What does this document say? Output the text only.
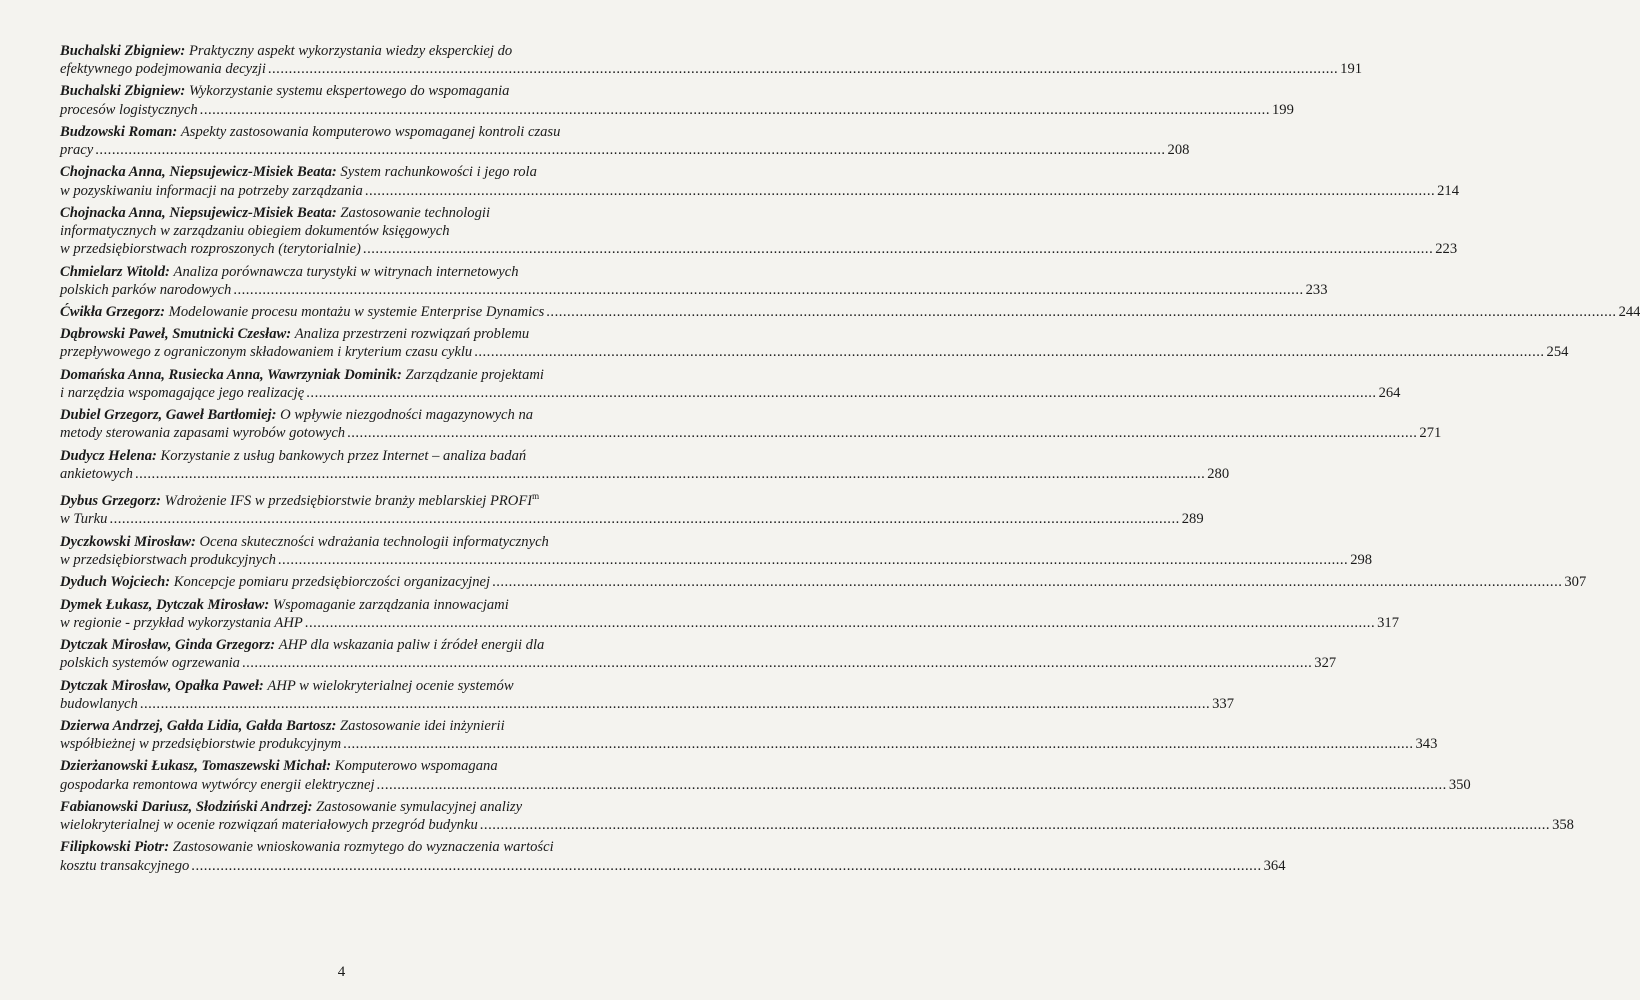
Buchalski Zbigniew: Praktyczny aspekt wykorzystania wiedzy eksperckiej do
efektywnego podejmowania decyzji .....	191
Buchalski Zbigniew: Wykorzystanie systemu ekspertowego do wspomagania
procesów logistycznych .....	199
Budzowski Roman: Aspekty zastosowania komputerowo wspomaganej kontroli czasu
pracy .....	208
Chojnacka Anna, Niepsujewicz-Misiek Beata: System rachunkowości i jego rola
w pozyskiwaniu informacji na potrzeby zarządzania .....	214
Chojnacka Anna, Niepsujewicz-Misiek Beata: Zastosowanie technologii
informatycznych w zarządzaniu obiegiem dokumentów księgowych
w przedsiębiorstwach rozproszonych (terytorialnie) .....	223
Chmielarz Witold: Analiza porównawcza turystyki w witrynach internetowych
polskich parków narodowych .....	233
Ćwikła Grzegorz: Modelowanie procesu montażu w systemie Enterprise Dynamics .....	244
Dąbrowski Paweł, Smutnicki Czesław: Analiza przestrzeni rozwiązań problemu
przepływowego z ograniczonym składowaniem i kryterium czasu cyklu .....	254
Domańska Anna, Rusiecka Anna, Wawrzyniak Dominik: Zarządzanie projektami
i narzędzia wspomagające jego realizację .....	264
Dubiel Grzegorz, Gaweł Bartłomiej: O wpływie niezgodności magazynowych na
metody sterowania zapasami wyrobów gotowych .....	271
Dudycz Helena: Korzystanie z usług bankowych przez Internet – analiza badań
ankietowych .....	280
Dybus Grzegorz: Wdrożenie IFS w przedsiębiorstwie branży meblarskiej PROFI$^m$
w Turku .....	289
Dyczkowski Mirosław: Ocena skuteczności wdrażania technologii informatycznych
w przedsiębiorstwach produkcyjnych .....	298
Dyduch Wojciech: Koncepcje pomiaru przedsiębiorczości organizacyjnej .....	307
Dymek Łukasz, Dytczak Mirosław: Wspomaganie zarządzania innowacjami
w regionie - przykład wykorzystania AHP .....	317
Dytczak Mirosław, Ginda Grzegorz: AHP dla wskazania paliw i źródeł energii dla
polskich systemów ogrzewania .....	327
Dytczak Mirosław, Opałka Paweł: AHP w wielokryterialnej ocenie systemów
budowlanych .....	337
Dzierwa Andrzej, Gałda Lidia, Gałda Bartosz: Zastosowanie idei inżynierii
współbieżnej w przedsiębiorstwie produkcyjnym .....	343
Dzierżanowski Łukasz, Tomaszewski Michał: Komputerowo wspomagana
gospodarka remontowa wytwórcy energii elektrycznej .....	350
Fabianowski Dariusz, Słodziński Andrzej: Zastosowanie symulacyjnej analizy
wielokryterialnej w ocenie rozwiązań materiałowych przegród budynku .....	358
Filipkowski Piotr: Zastosowanie wnioskowania rozmytego do wyznaczenia wartości
kosztu transakcyjnego .....	364
4
